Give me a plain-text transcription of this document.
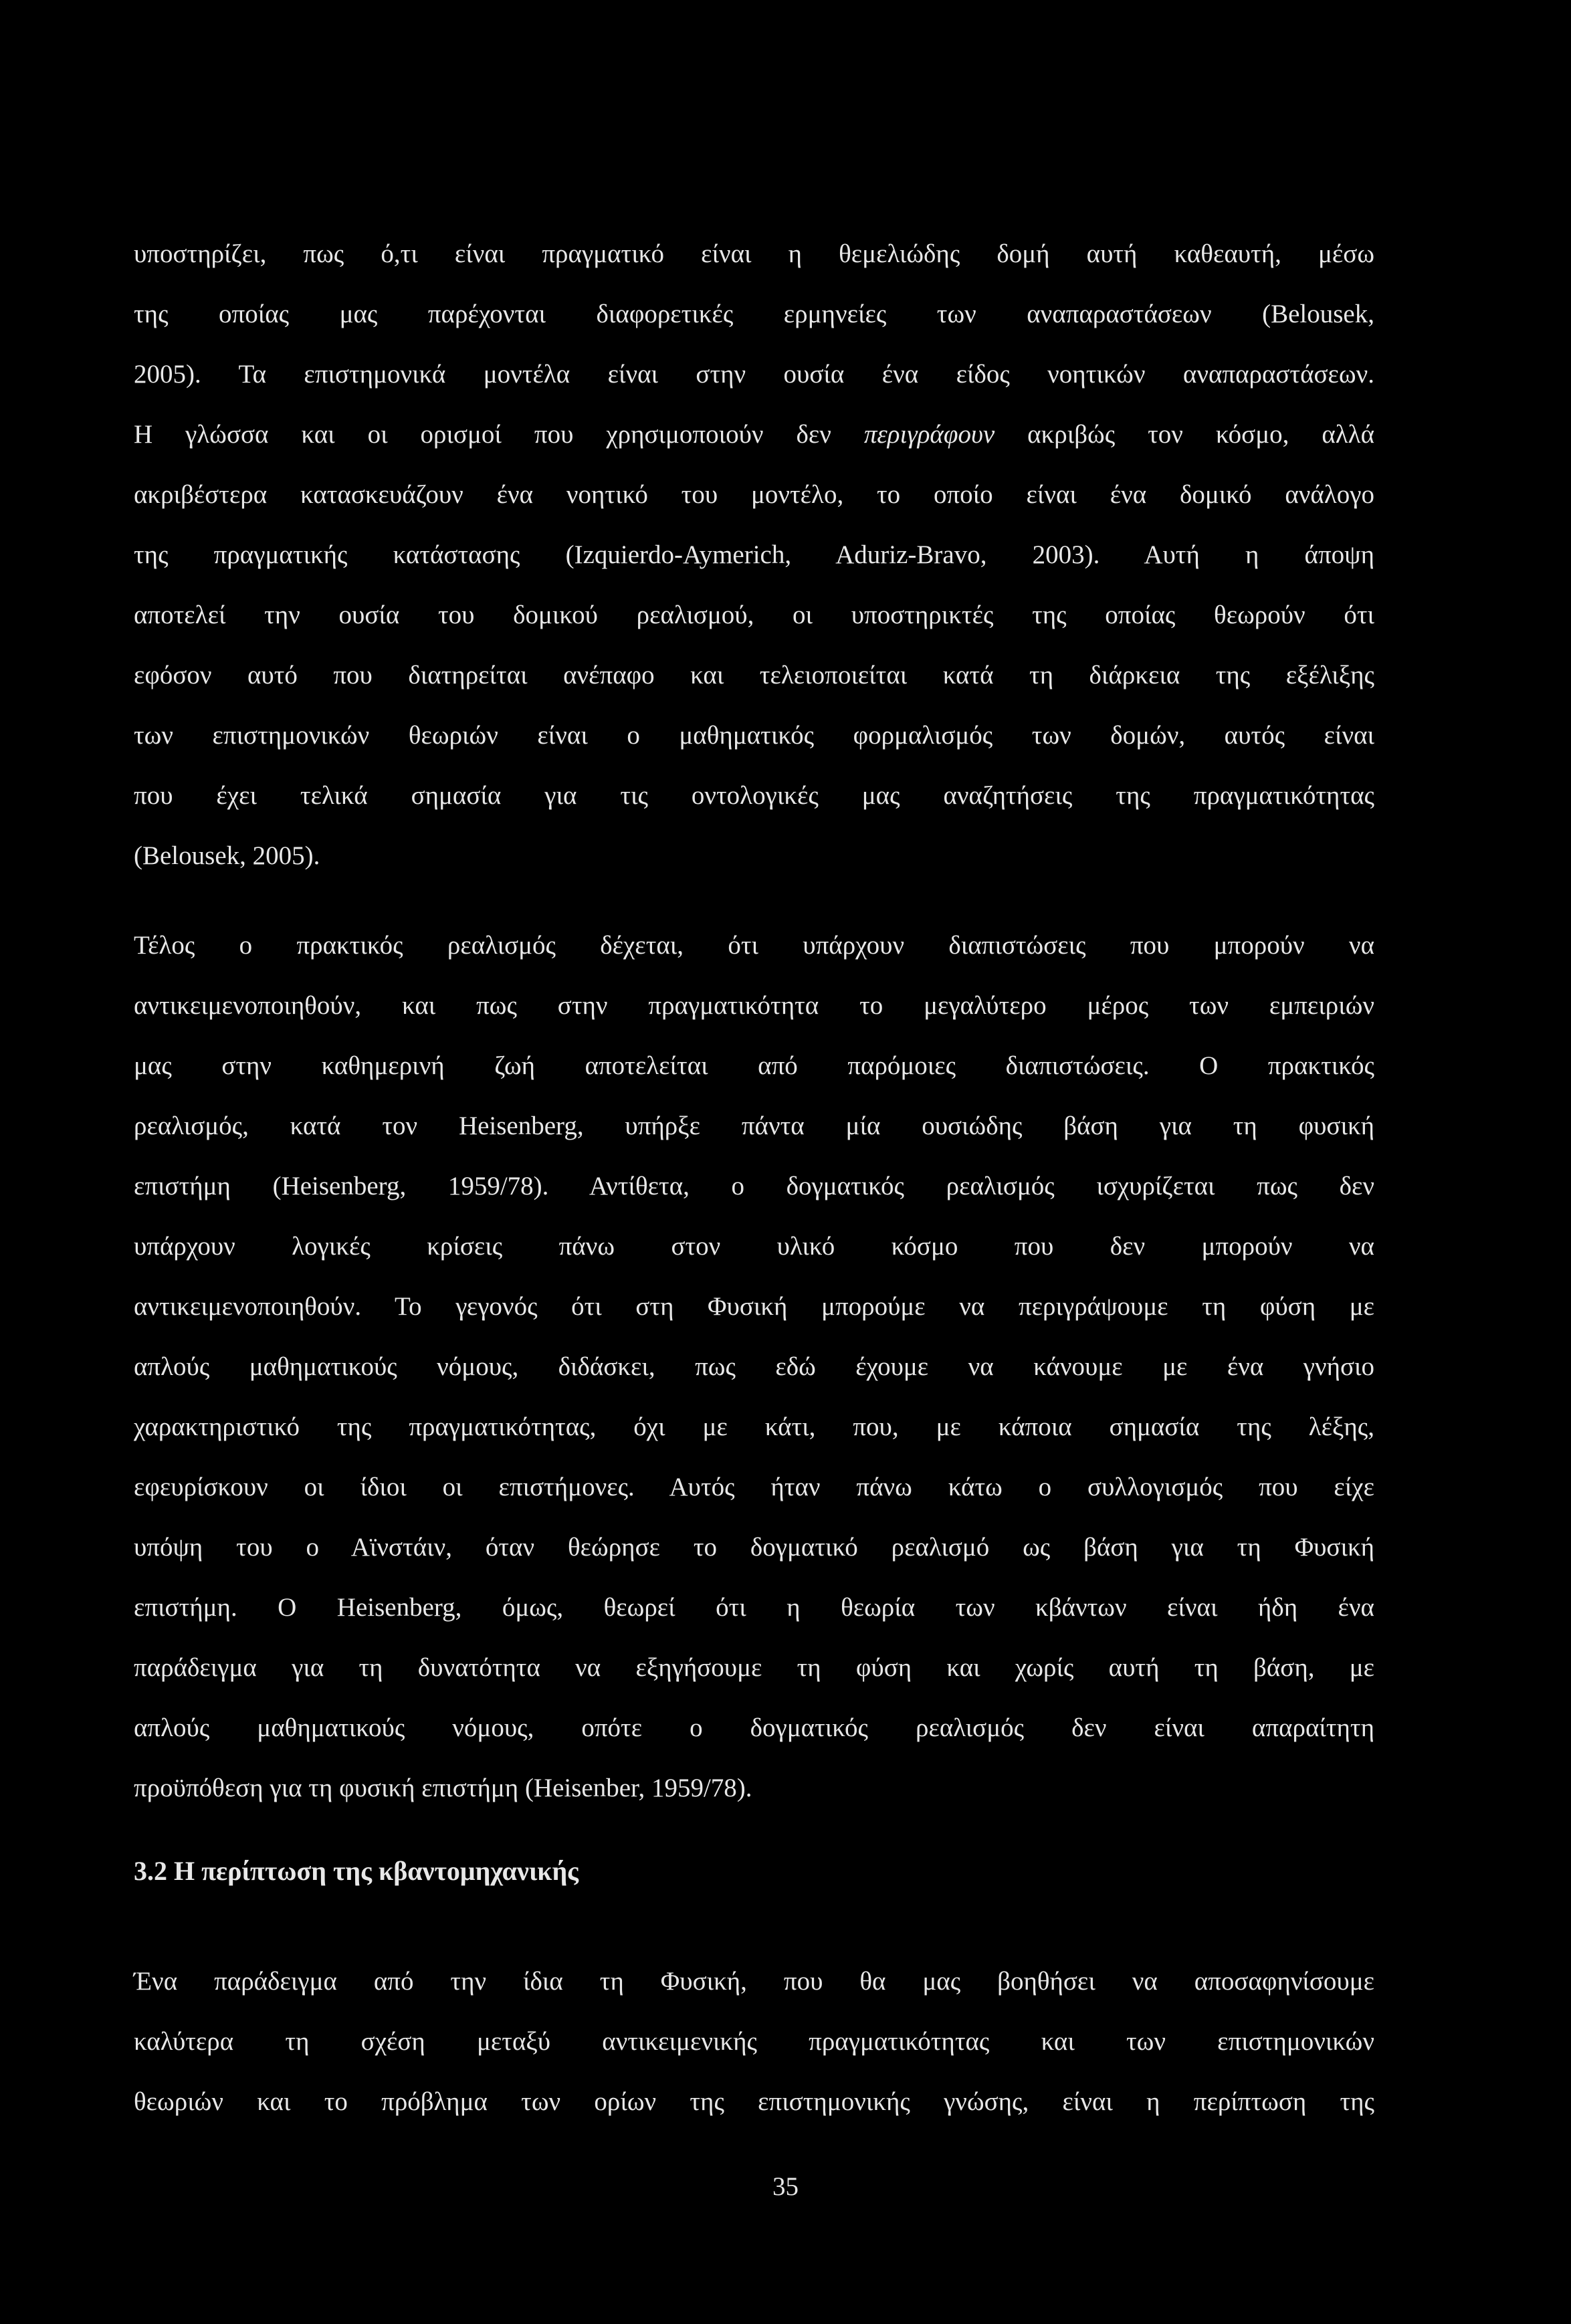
υποστηρίζει, πως ό,τι είναι πραγματικό είναι η θεμελιώδης δομή αυτή καθεαυτή, μέσω
της οποίας μας παρέχονται διαφορετικές ερμηνείες των αναπαραστάσεων (Belousek,
2005). Τα επιστημονικά μοντέλα είναι στην ουσία ένα είδος νοητικών αναπαραστάσεων.
Η γλώσσα και οι ορισμοί που χρησιμοποιούν δεν περιγράφουν ακριβώς τον κόσμο, αλλά
ακριβέστερα κατασκευάζουν ένα νοητικό του μοντέλο, το οποίο είναι ένα δομικό ανάλογο
της πραγματικής κατάστασης (Izquierdo-Aymerich, Aduriz-Bravo, 2003). Αυτή η άποψη
αποτελεί την ουσία του δομικού ρεαλισμού, οι υποστηρικτές της οποίας θεωρούν ότι
εφόσον αυτό που διατηρείται ανέπαφο και τελειοποιείται κατά τη διάρκεια της εξέλιξης
των επιστημονικών θεωριών είναι ο μαθηματικός φορμαλισμός των δομών, αυτός είναι
που έχει τελικά σημασία για τις οντολογικές μας αναζητήσεις της πραγματικότητας
(Belousek, 2005).

Τέλος ο πρακτικός ρεαλισμός δέχεται, ότι υπάρχουν διαπιστώσεις που μπορούν να
αντικειμενοποιηθούν, και πως στην πραγματικότητα το μεγαλύτερο μέρος των εμπειριών
μας στην καθημερινή ζωή αποτελείται από παρόμοιες διαπιστώσεις. Ο πρακτικός
ρεαλισμός, κατά τον Heisenberg, υπήρξε πάντα μία ουσιώδης βάση για τη φυσική
επιστήμη (Heisenberg, 1959/78). Αντίθετα, ο δογματικός ρεαλισμός ισχυρίζεται πως δεν
υπάρχουν λογικές κρίσεις πάνω στον υλικό κόσμο που δεν μπορούν να
αντικειμενοποιηθούν. Το γεγονός ότι στη Φυσική μπορούμε να περιγράψουμε τη φύση με
απλούς μαθηματικούς νόμους, διδάσκει, πως εδώ έχουμε να κάνουμε με ένα γνήσιο
χαρακτηριστικό της πραγματικότητας, όχι με κάτι, που, με κάποια σημασία της λέξης,
εφευρίσκουν οι ίδιοι οι επιστήμονες. Αυτός ήταν πάνω κάτω ο συλλογισμός που είχε
υπόψη του ο Αϊνστάιν, όταν θεώρησε το δογματικό ρεαλισμό ως βάση για τη Φυσική
επιστήμη. Ο Heisenberg, όμως, θεωρεί ότι η θεωρία των κβάντων είναι ήδη ένα
παράδειγμα για τη δυνατότητα να εξηγήσουμε τη φύση και χωρίς αυτή τη βάση, με
απλούς μαθηματικούς νόμους, οπότε ο δογματικός ρεαλισμός δεν είναι απαραίτητη
προϋπόθεση για τη φυσική επιστήμη (Heisenber, 1959/78).

3.2 Η περίπτωση της κβαντομηχανικής

Ένα παράδειγμα από την ίδια τη Φυσική, που θα μας βοηθήσει να αποσαφηνίσουμε
καλύτερα τη σχέση μεταξύ αντικειμενικής πραγματικότητας και των επιστημονικών
θεωριών και το πρόβλημα των ορίων της επιστημονικής γνώσης, είναι η περίπτωση της

35
